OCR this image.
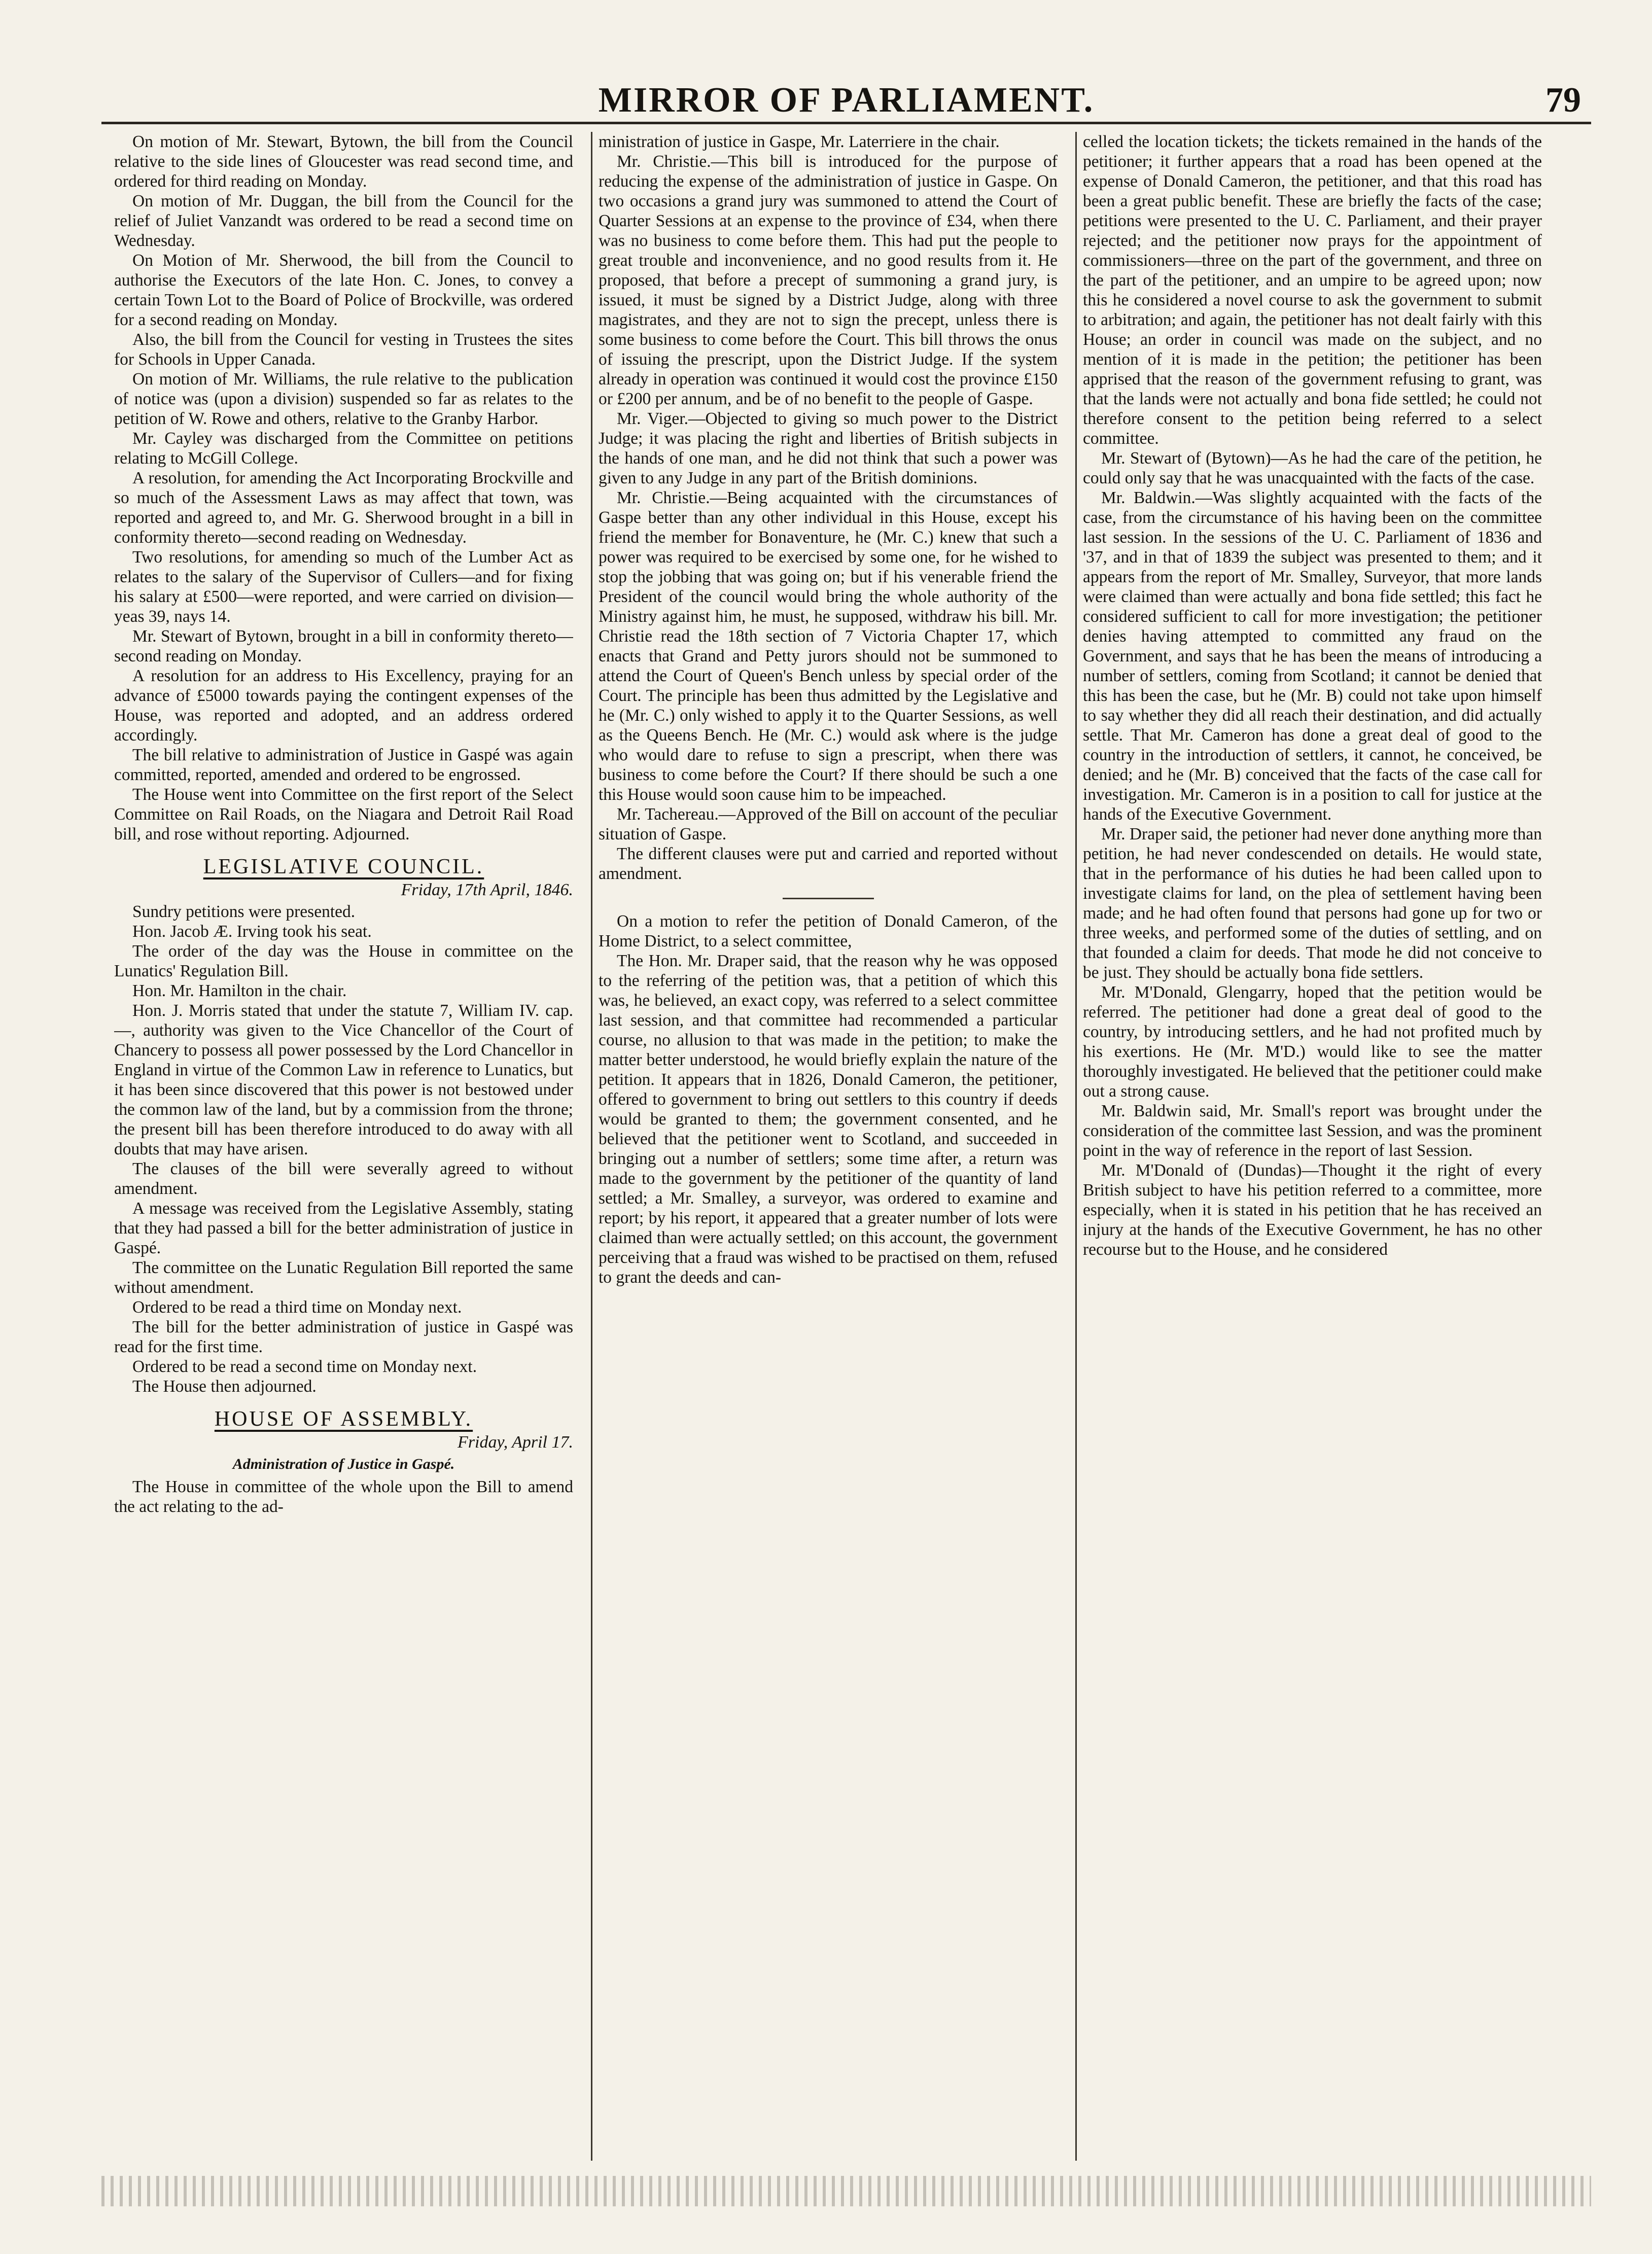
MIRROR OF PARLIAMENT.	79

On motion of Mr. Stewart, Bytown, the bill from the Council relative to the side lines of Gloucester was read second time, and ordered for third reading on Monday.

On motion of Mr. Duggan, the bill from the Council for the relief of Juliet Vanzandt was ordered to be read a second time on Wednesday.

On Motion of Mr. Sherwood, the bill from the Council to authorise the Executors of the late Hon. C. Jones, to convey a certain Town Lot to the Board of Police of Brockville, was ordered for a second reading on Monday.

Also, the bill from the Council for vesting in Trustees the sites for Schools in Upper Canada.

On motion of Mr. Williams, the rule relative to the publication of notice was (upon a division) suspended so far as relates to the petition of W. Rowe and others, relative to the Granby Harbor.

Mr. Cayley was discharged from the Committee on petitions relating to McGill College.

A resolution, for amending the Act Incorporating Brockville and so much of the Assessment Laws as may affect that town, was reported and agreed to, and Mr. G. Sherwood brought in a bill in conformity thereto—second reading on Wednesday.

Two resolutions, for amending so much of the Lumber Act as relates to the salary of the Supervisor of Cullers—and for fixing his salary at £500—were reported, and were carried on division—yeas 39, nays 14.

Mr. Stewart of Bytown, brought in a bill in conformity thereto—second reading on Monday.

A resolution for an address to His Excellency, praying for an advance of £5000 towards paying the contingent expenses of the House, was reported and adopted, and an address ordered accordingly.

The bill relative to administration of Justice in Gaspé was again committed, reported, amended and ordered to be engrossed.

The House went into Committee on the first report of the Select Committee on Rail Roads, on the Niagara and Detroit Rail Road bill, and rose without reporting. Adjourned.

LEGISLATIVE COUNCIL.
Friday, 17th April, 1846.

Sundry petitions were presented.

Hon. Jacob Æ. Irving took his seat.

The order of the day was the House in committee on the Lunatics' Regulation Bill.

Hon. Mr. Hamilton in the chair.

Hon. J. Morris stated that under the statute 7, William IV. cap. —, authority was given to the Vice Chancellor of the Court of Chancery to possess all power possessed by the Lord Chancellor in England in virtue of the Common Law in reference to Lunatics, but it has been since discovered that this power is not bestowed under the common law of the land, but by a commission from the throne; the present bill has been therefore introduced to do away with all doubts that may have arisen.

The clauses of the bill were severally agreed to without amendment.

A message was received from the Legislative Assembly, stating that they had passed a bill for the better administration of justice in Gaspé.

The committee on the Lunatic Regulation Bill reported the same without amendment.

Ordered to be read a third time on Monday next.

The bill for the better administration of justice in Gaspé was read for the first time.

Ordered to be read a second time on Monday next.

The House then adjourned.

HOUSE OF ASSEMBLY.
Friday, April 17.
Administration of Justice in Gaspé.

The House in committee of the whole upon the Bill to amend the act relating to the ad-

ministration of justice in Gaspe, Mr. Laterriere in the chair.

Mr. Christie.—This bill is introduced for the purpose of reducing the expense of the administration of justice in Gaspe. On two occasions a grand jury was summoned to attend the Court of Quarter Sessions at an expense to the province of £34, when there was no business to come before them. This had put the people to great trouble and inconvenience, and no good results from it. He proposed, that before a precept of summoning a grand jury, is issued, it must be signed by a District Judge, along with three magistrates, and they are not to sign the precept, unless there is some business to come before the Court. This bill throws the onus of issuing the prescript, upon the District Judge. If the system already in operation was continued it would cost the province £150 or £200 per annum, and be of no benefit to the people of Gaspe.

Mr. Viger.—Objected to giving so much power to the District Judge; it was placing the right and liberties of British subjects in the hands of one man, and he did not think that such a power was given to any Judge in any part of the British dominions.

Mr. Christie.—Being acquainted with the circumstances of Gaspe better than any other individual in this House, except his friend the member for Bonaventure, he (Mr. C.) knew that such a power was required to be exercised by some one, for he wished to stop the jobbing that was going on; but if his venerable friend the President of the council would bring the whole authority of the Ministry against him, he must, he supposed, withdraw his bill. Mr. Christie read the 18th section of 7 Victoria Chapter 17, which enacts that Grand and Petty jurors should not be summoned to attend the Court of Queen's Bench unless by special order of the Court. The principle has been thus admitted by the Legislative and he (Mr. C.) only wished to apply it to the Quarter Sessions, as well as the Queens Bench. He (Mr. C.) would ask where is the judge who would dare to refuse to sign a prescript, when there was business to come before the Court? If there should be such a one this House would soon cause him to be impeached.

Mr. Tachereau.—Approved of the Bill on account of the peculiar situation of Gaspe.

The different clauses were put and carried and reported without amendment.

On a motion to refer the petition of Donald Cameron, of the Home District, to a select committee,

The Hon. Mr. Draper said, that the reason why he was opposed to the referring of the petition was, that a petition of which this was, he believed, an exact copy, was referred to a select committee last session, and that committee had recommended a particular course, no allusion to that was made in the petition; to make the matter better understood, he would briefly explain the nature of the petition. It appears that in 1826, Donald Cameron, the petitioner, offered to government to bring out settlers to this country if deeds would be granted to them; the government consented, and he believed that the petitioner went to Scotland, and succeeded in bringing out a number of settlers; some time after, a return was made to the government by the petitioner of the quantity of land settled; a Mr. Smalley, a surveyor, was ordered to examine and report; by his report, it appeared that a greater number of lots were claimed than were actually settled; on this account, the government perceiving that a fraud was wished to be practised on them, refused to grant the deeds and can-

celled the location tickets; the tickets remained in the hands of the petitioner; it further appears that a road has been opened at the expense of Donald Cameron, the petitioner, and that this road has been a great public benefit. These are briefly the facts of the case; petitions were presented to the U. C. Parliament, and their prayer rejected; and the petitioner now prays for the appointment of commissioners—three on the part of the government, and three on the part of the petitioner, and an umpire to be agreed upon; now this he considered a novel course to ask the government to submit to arbitration; and again, the petitioner has not dealt fairly with this House; an order in council was made on the subject, and no mention of it is made in the petition; the petitioner has been apprised that the reason of the government refusing to grant, was that the lands were not actually and bona fide settled; he could not therefore consent to the petition being referred to a select committee.

Mr. Stewart of (Bytown)—As he had the care of the petition, he could only say that he was unacquainted with the facts of the case.

Mr. Baldwin.—Was slightly acquainted with the facts of the case, from the circumstance of his having been on the committee last session. In the sessions of the U. C. Parliament of 1836 and '37, and in that of 1839 the subject was presented to them; and it appears from the report of Mr. Smalley, Surveyor, that more lands were claimed than were actually and bona fide settled; this fact he considered sufficient to call for more investigation; the petitioner denies having attempted to committed any fraud on the Government, and says that he has been the means of introducing a number of settlers, coming from Scotland; it cannot be denied that this has been the case, but he (Mr. B) could not take upon himself to say whether they did all reach their destination, and did actually settle. That Mr. Cameron has done a great deal of good to the country in the introduction of settlers, it cannot, he conceived, be denied; and he (Mr. B) conceived that the facts of the case call for investigation. Mr. Cameron is in a position to call for justice at the hands of the Executive Government.

Mr. Draper said, the petioner had never done anything more than petition, he had never condescended on details. He would state, that in the performance of his duties he had been called upon to investigate claims for land, on the plea of settlement having been made; and he had often found that persons had gone up for two or three weeks, and performed some of the duties of settling, and on that founded a claim for deeds. That mode he did not conceive to be just. They should be actually bona fide settlers.

Mr. M'Donald, Glengarry, hoped that the petition would be referred. The petitioner had done a great deal of good to the country, by introducing settlers, and he had not profited much by his exertions. He (Mr. M'D.) would like to see the matter thoroughly investigated. He believed that the petitioner could make out a strong cause.

Mr. Baldwin said, Mr. Small's report was brought under the consideration of the committee last Session, and was the prominent point in the way of reference in the report of last Session.

Mr. M'Donald of (Dundas)—Thought it the right of every British subject to have his petition referred to a committee, more especially, when it is stated in his petition that he has received an injury at the hands of the Executive Government, he has no other recourse but to the House, and he considered
